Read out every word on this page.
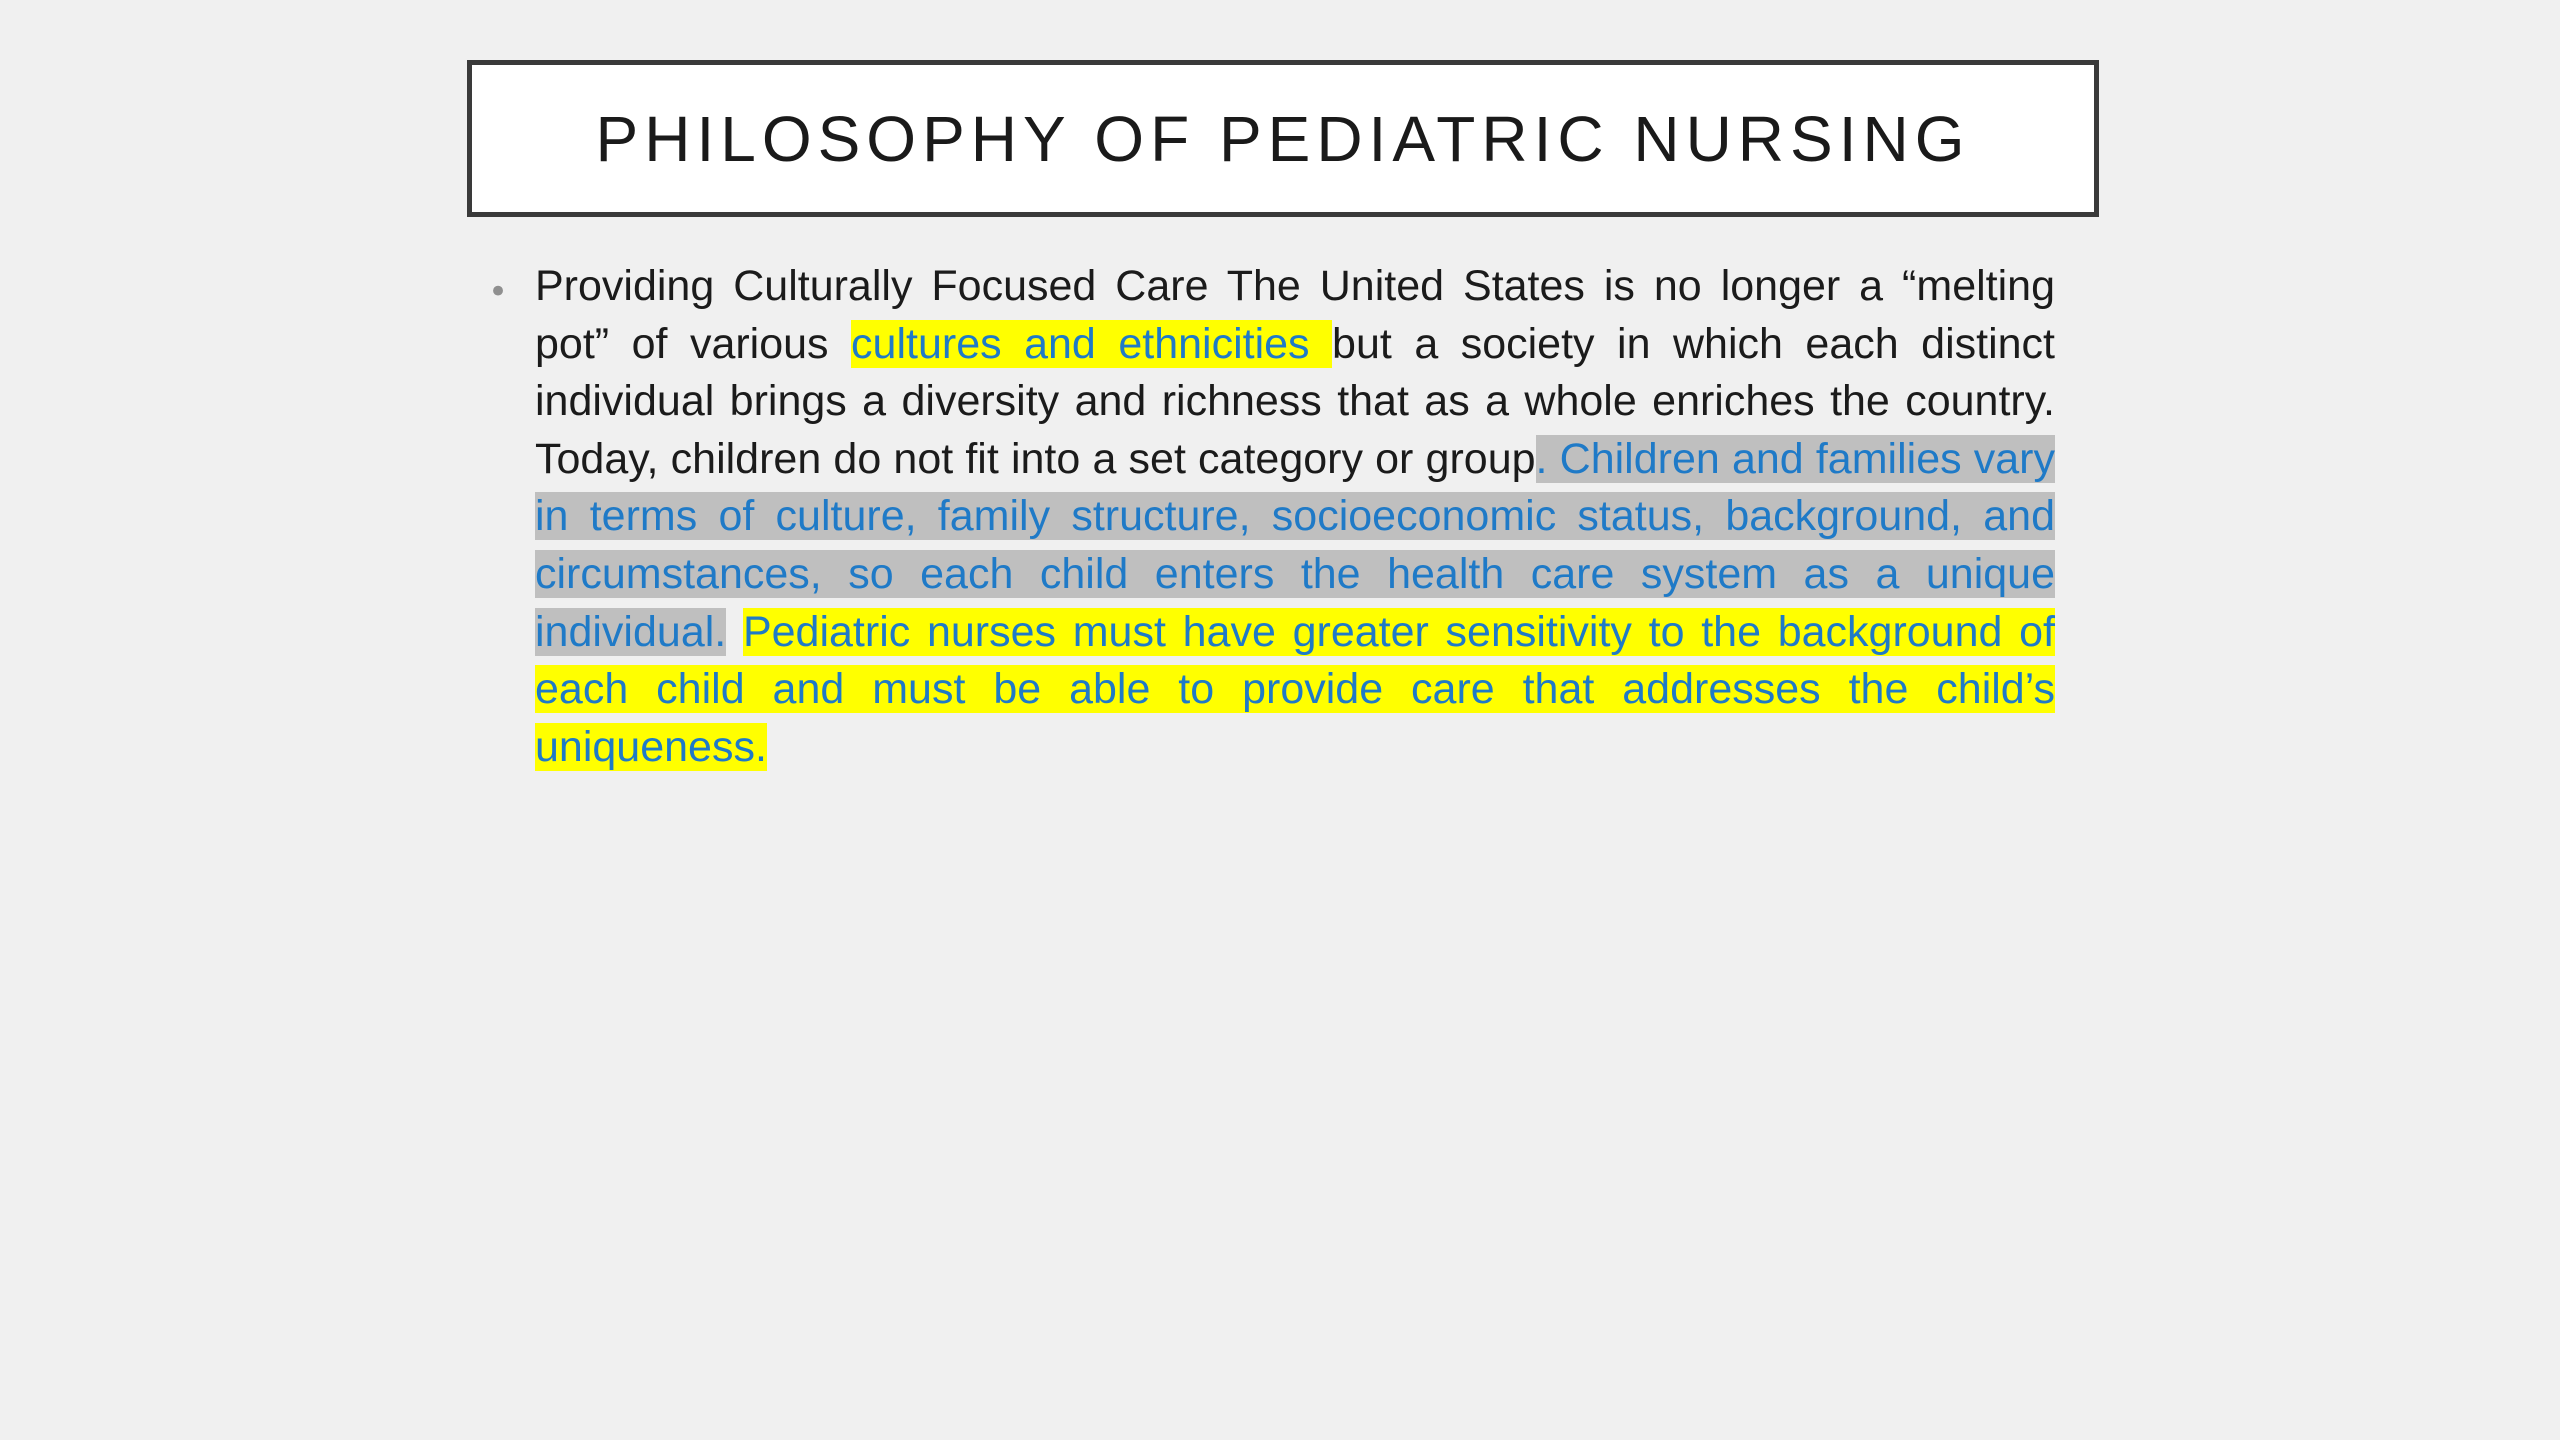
PHILOSOPHY OF PEDIATRIC NURSING
• Providing Culturally Focused Care The United States is no longer a “melting pot” of various cultures and ethnicities but a society in which each distinct individual brings a diversity and richness that as a whole enriches the country. Today, children do not fit into a set category or group. Children and families vary in terms of culture, family structure, socioeconomic status, background, and circumstances, so each child enters the health care system as a unique individual. Pediatric nurses must have greater sensitivity to the background of each child and must be able to provide care that addresses the child’s uniqueness.
